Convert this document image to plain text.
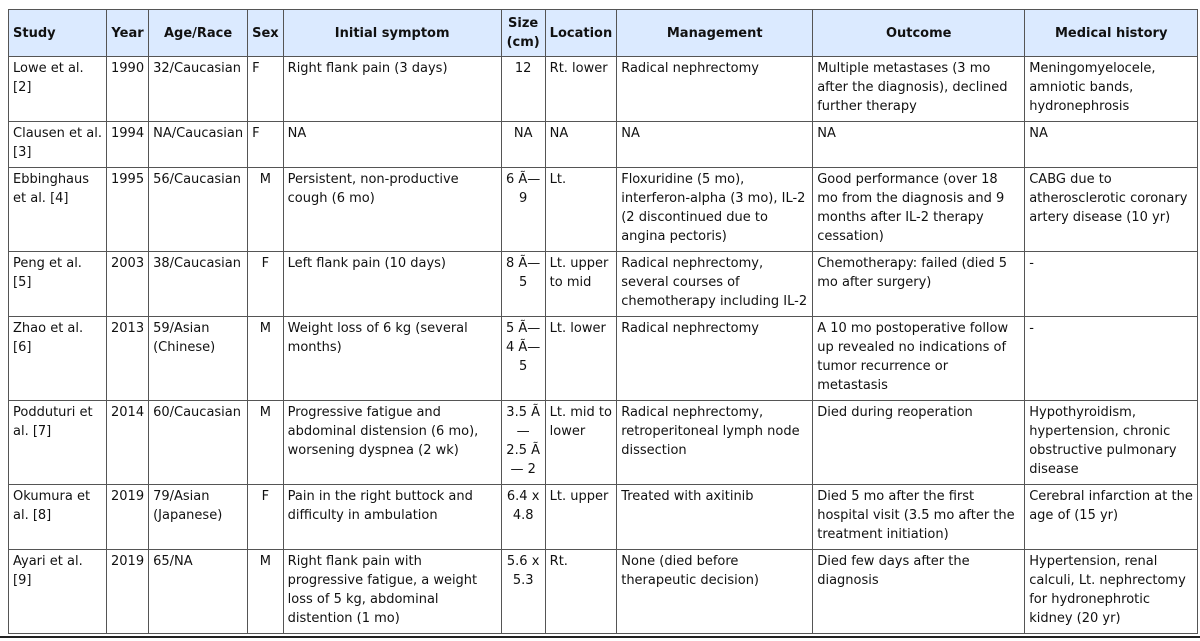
Study	Year	Age/Race	Sex	Initial symptom	Size (cm)	Location	Management	Outcome	Medical history
Lowe et al. [2]	1990	32/Caucasian	F	Right flank pain (3 days)	12	Rt. lower	Radical nephrectomy	Multiple metastases (3 mo after the diagnosis), declined further therapy	Meningomyelocele, amniotic bands, hydronephrosis
Clausen et al. [3]	1994	NA/Caucasian	F	NA	NA	NA	NA	NA	NA
Ebbinghaus et al. [4]	1995	56/Caucasian	M	Persistent, non-productive cough (6 mo)	6 Ã— 9	Lt.	Floxuridine (5 mo), interferon-alpha (3 mo), IL-2 (2 discontinued due to angina pectoris)	Good performance (over 18 mo from the diagnosis and 9 months after IL-2 therapy cessation)	CABG due to atherosclerotic coronary artery disease (10 yr)
Peng et al. [5]	2003	38/Caucasian	F	Left flank pain (10 days)	8 Ã— 5	Lt. upper to mid	Radical nephrectomy, several courses of chemotherapy including IL-2	Chemotherapy: failed (died 5 mo after surgery)	-
Zhao et al. [6]	2013	59/Asian (Chinese)	M	Weight loss of 6 kg (several months)	5 Ã— 4 Ã— 5	Lt. lower	Radical nephrectomy	A 10 mo postoperative follow up revealed no indications of tumor recurrence or metastasis	-
Podduturi et al. [7]	2014	60/Caucasian	M	Progressive fatigue and abdominal distension (6 mo), worsening dyspnea (2 wk)	3.5 Ã— 2.5 Ã— 2	Lt. mid to lower	Radical nephrectomy, retroperitoneal lymph node dissection	Died during reoperation	Hypothyroidism, hypertension, chronic obstructive pulmonary disease
Okumura et al. [8]	2019	79/Asian (Japanese)	F	Pain in the right buttock and difficulty in ambulation	6.4 x 4.8	Lt. upper	Treated with axitinib	Died 5 mo after the first hospital visit (3.5 mo after the treatment initiation)	Cerebral infarction at the age of (15 yr)
Ayari et al. [9]	2019	65/NA	M	Right flank pain with progressive fatigue, a weight loss of 5 kg, abdominal distention (1 mo)	5.6 x 5.3	Rt.	None (died before therapeutic decision)	Died few days after the diagnosis	Hypertension, renal calculi, Lt. nephrectomy for hydronephrotic kidney (20 yr)
